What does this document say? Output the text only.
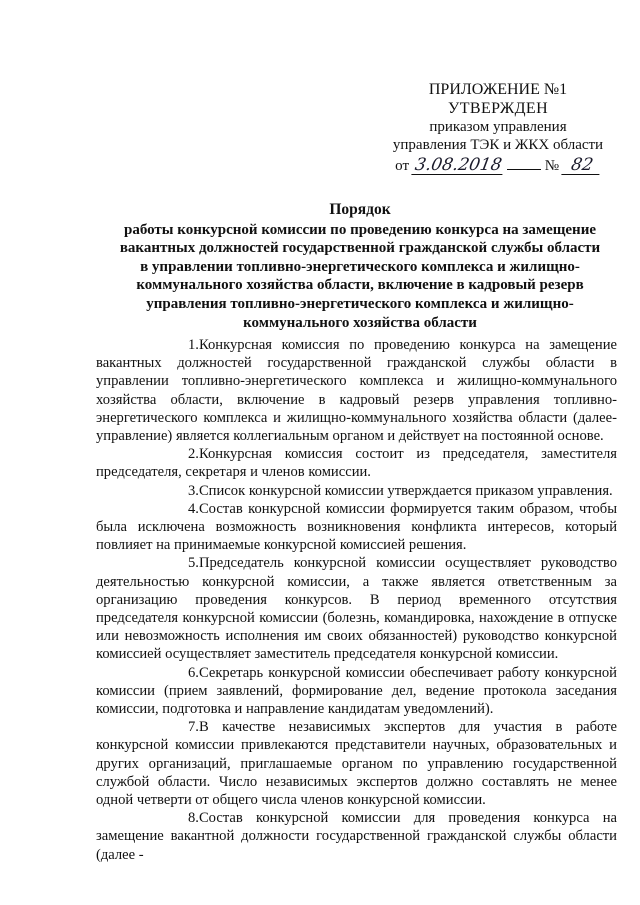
ПРИЛОЖЕНИЕ №1
УТВЕРЖДЕН
приказом управления
управления ТЭК и ЖКХ области
от 3.08.2018	№ 82
Порядок
работы конкурсной комиссии по проведению конкурса на замещение
вакантных должностей государственной гражданской службы области
в управлении топливно-энергетического комплекса и жилищно-
коммунального хозяйства области, включение в кадровый резерв
управления топливно-энергетического комплекса и жилищно-
коммунального хозяйства области

1.Конкурсная комиссия по проведению конкурса на замещение вакантных должностей государственной гражданской службы области в управлении топливно-энергетического комплекса и жилищно-коммунального хозяйства области, включение в кадровый резерв управления топливно-энергетического комплекса и жилищно-коммунального хозяйства области (далее- управление) является коллегиальным органом и действует на постоянной основе.

2.Конкурсная комиссия состоит из председателя, заместителя председателя, секретаря и членов комиссии.

3.Список конкурсной комиссии утверждается приказом управления.

4.Состав конкурсной комиссии формируется таким образом, чтобы была исключена возможность возникновения конфликта интересов, который повлияет на принимаемые конкурсной комиссией решения.

5.Председатель конкурсной комиссии осуществляет руководство деятельностью конкурсной комиссии, а также является ответственным за организацию проведения конкурсов. В период временного отсутствия председателя конкурсной комиссии (болезнь, командировка, нахождение в отпуске или невозможность исполнения им своих обязанностей) руководство конкурсной комиссией осуществляет заместитель председателя конкурсной комиссии.

6.Секретарь конкурсной комиссии обеспечивает работу конкурсной комиссии (прием заявлений, формирование дел, ведение протокола заседания комиссии, подготовка и направление кандидатам уведомлений).

7.В качестве независимых экспертов для участия в работе конкурсной комиссии привлекаются представители научных, образовательных и других организаций, приглашаемые органом по управлению государственной службой области. Число независимых экспертов должно составлять не менее одной четверти от общего числа членов конкурсной комиссии.

8.Состав конкурсной комиссии для проведения конкурса на замещение вакантной должности государственной гражданской службы области (далее -
